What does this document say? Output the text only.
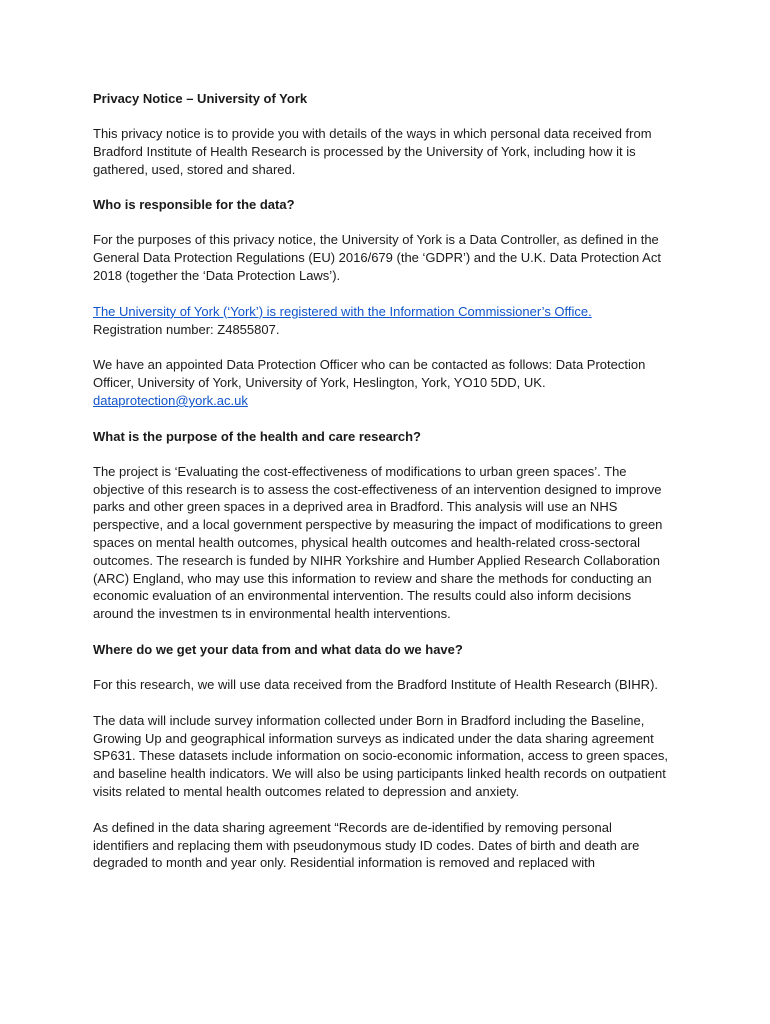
Privacy Notice – University of York
This privacy notice is to provide you with details of the ways in which personal data received from Bradford Institute of Health Research is processed by the University of York, including how it is gathered, used, stored and shared.
Who is responsible for the data?
For the purposes of this privacy notice, the University of York is a Data Controller, as defined in the General Data Protection Regulations (EU) 2016/679 (the ‘GDPR’) and the U.K. Data Protection Act 2018 (together the ‘Data Protection Laws’).
The University of York (‘York’) is registered with the Information Commissioner’s Office.
Registration number: Z4855807.
We have an appointed Data Protection Officer who can be contacted as follows: Data Protection Officer, University of York, University of York, Heslington, York, YO10 5DD, UK.
dataprotection@york.ac.uk
What is the purpose of the health and care research?
The project is ‘Evaluating the cost-effectiveness of modifications to urban green spaces’. The objective of this research is to assess the cost-effectiveness of an intervention designed to improve parks and other green spaces in a deprived area in Bradford. This analysis will use an NHS perspective, and a local government perspective by measuring the impact of modifications to green spaces on mental health outcomes, physical health outcomes and health-related cross-sectoral outcomes. The research is funded by NIHR Yorkshire and Humber Applied Research Collaboration (ARC) England, who may use this information to review and share the methods for conducting an economic evaluation of an environmental intervention. The results could also inform decisions around the investmen ts in environmental health interventions.
Where do we get your data from and what data do we have?
For this research, we will use data received from the Bradford Institute of Health Research (BIHR).
The data will include survey information collected under Born in Bradford including the Baseline, Growing Up and geographical information surveys as indicated under the data sharing agreement SP631. These datasets include information on socio-economic information, access to green spaces, and baseline health indicators. We will also be using participants linked health records on outpatient visits related to mental health outcomes related to depression and anxiety.
As defined in the data sharing agreement “Records are de-identified by removing personal identifiers and replacing them with pseudonymous study ID codes. Dates of birth and death are degraded to month and year only. Residential information is removed and replaced with
